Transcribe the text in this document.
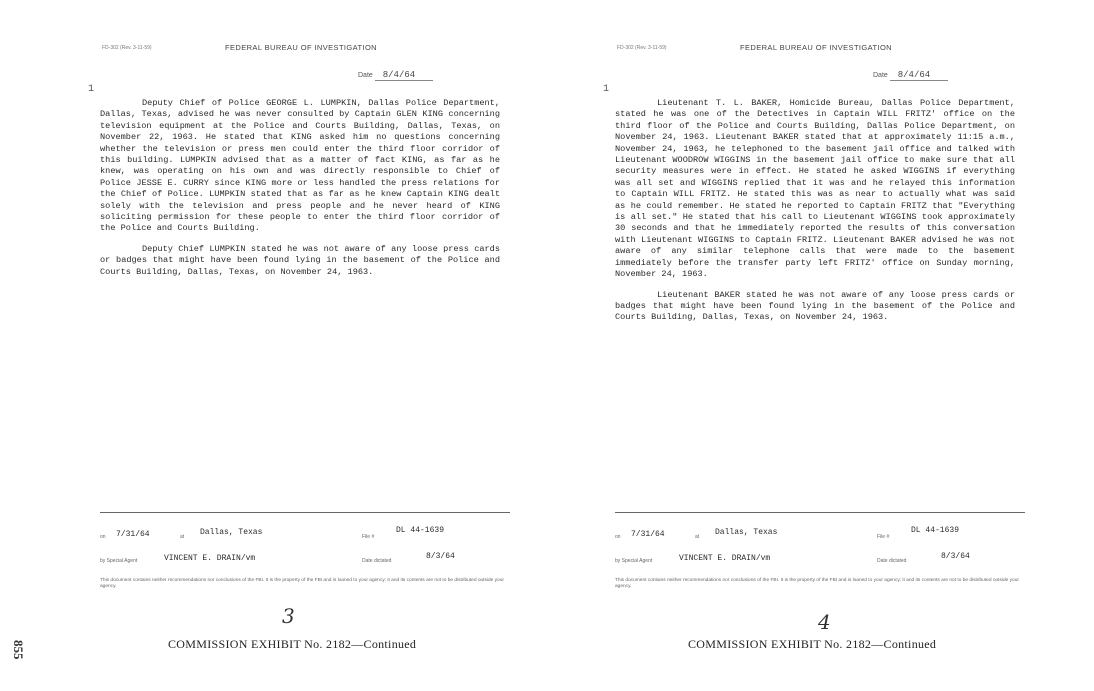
FD-302 (Rev. 3-11-59)	FEDERAL BUREAU OF INVESTIGATION
Date 8/4/64
1

Deputy Chief of Police GEORGE L. LUMPKIN, Dallas Police Department, Dallas, Texas, advised he was never consulted by Captain GLEN KING concerning television equipment at the Police and Courts Building, Dallas, Texas, on November 22, 1963. He stated that KING asked him no questions concerning whether the television or press men could enter the third floor corridor of this building. LUMPKIN advised that as a matter of fact KING, as far as he knew, was operating on his own and was directly responsible to Chief of Police JESSE E. CURRY since KING more or less handled the press relations for the Chief of Police. LUMPKIN stated that as far as he knew Captain KING dealt solely with the television and press people and he never heard of KING soliciting permission for these people to enter the third floor corridor of the Police and Courts Building.

Deputy Chief LUMPKIN stated he was not aware of any loose press cards or badges that might have been found lying in the basement of the Police and Courts Building, Dallas, Texas, on November 24, 1963.

on 7/31/64	at Dallas, Texas	File #
DL 44-1639
by Special Agent	VINCENT E. DRAIN/vm	Date dictated	8/3/64
This document contains neither recommendations nor conclusions of the FBI. It is the property of the FBI and is loaned to your agency; it and its contents are not to be distributed outside your agency.
3
COMMISSION EXHIBIT No. 2182—Continued
FD-302 (Rev. 3-11-59)	FEDERAL BUREAU OF INVESTIGATION
Date 8/4/64
1

Lieutenant T. L. BAKER, Homicide Bureau, Dallas Police Department, stated he was one of the Detectives in Captain WILL FRITZ' office on the third floor of the Police and Courts Building, Dallas Police Department, on November 24, 1963. Lieutenant BAKER stated that at approximately 11:15 a.m., November 24, 1963, he telephoned to the basement jail office and talked with Lieutenant WOODROW WIGGINS in the basement jail office to make sure that all security measures were in effect. He stated he asked WIGGINS if everything was all set and WIGGINS replied that it was and he relayed this information to Captain WILL FRITZ. He stated this was as near to actually what was said as he could remember. He stated he reported to Captain FRITZ that "Everything is all set." He stated that his call to Lieutenant WIGGINS took approximately 30 seconds and that he immediately reported the results of this conversation with Lieutenant WIGGINS to Captain FRITZ. Lieutenant BAKER advised he was not aware of any similar telephone calls that were made to the basement immediately before the transfer party left FRITZ' office on Sunday morning, November 24, 1963.

Lieutenant BAKER stated he was not aware of any loose press cards or badges that might have been found lying in the basement of the Police and Courts Building, Dallas, Texas, on November 24, 1963.

on 7/31/64	at Dallas, Texas	File #
DL 44-1639
by Special Agent	VINCENT E. DRAIN/vm	Date dictated	8/3/64
This document contains neither recommendations nor conclusions of the FBI. It is the property of the FBI and is loaned to your agency; it and its contents are not to be distributed outside your agency.
4
COMMISSION EXHIBIT No. 2182—Continued
855
